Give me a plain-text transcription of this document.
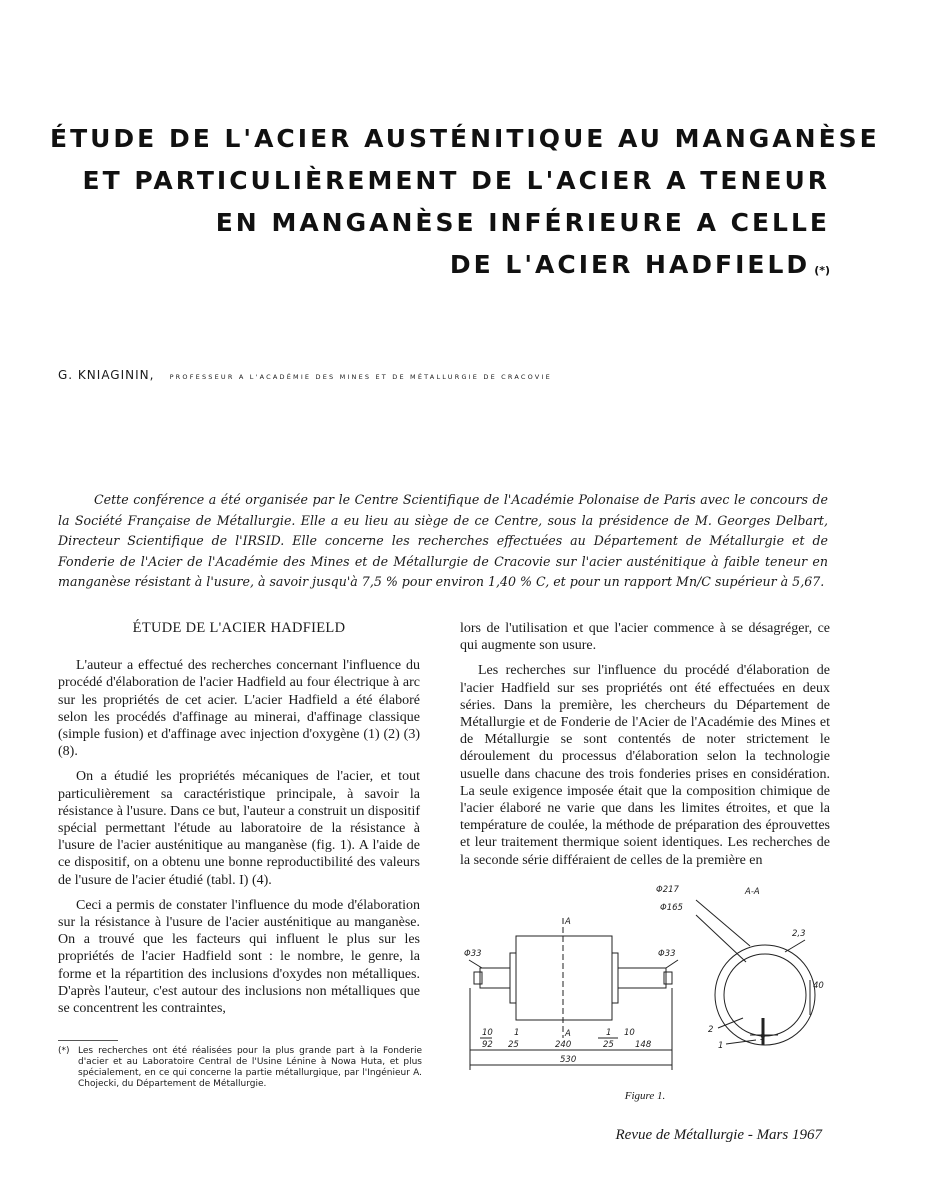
ÉTUDE DE L'ACIER AUSTÉNITIQUE AU MANGANÈSE
ET PARTICULIÈREMENT DE L'ACIER A TENEUR
EN MANGANÈSE INFÉRIEURE A CELLE
DE L'ACIER HADFIELD (*)
G. KNIAGININ, PROFESSEUR A L'ACADÉMIE DES MINES ET DE MÉTALLURGIE DE CRACOVIE

Cette conférence a été organisée par le Centre Scientifique de l'Académie Polonaise de Paris avec le concours de la Société Française de Métallurgie. Elle a eu lieu au siège de ce Centre, sous la présidence de M. Georges Delbart, Directeur Scientifique de l'IRSID. Elle concerne les recherches effectuées au Département de Métallurgie et de Fonderie de l'Acier de l'Académie des Mines et de Métallurgie de Cracovie sur l'acier austénitique à faible teneur en manganèse résistant à l'usure, à savoir jusqu'à 7,5 % pour environ 1,40 % C, et pour un rapport Mn/C supérieur à 5,67.

ÉTUDE DE L'ACIER HADFIELD

L'auteur a effectué des recherches concernant l'influence du procédé d'élaboration de l'acier Hadfield au four électrique à arc sur les propriétés de cet acier. L'acier Hadfield a été élaboré selon les procédés d'affinage au minerai, d'affinage classique (simple fusion) et d'affinage avec injection d'oxygène (1) (2) (3) (8).

On a étudié les propriétés mécaniques de l'acier, et tout particulièrement sa caractéristique principale, à savoir la résistance à l'usure. Dans ce but, l'auteur a construit un dispositif spécial permettant l'étude au laboratoire de la résistance à l'usure de l'acier austénitique au manganèse (fig. 1). A l'aide de ce dispositif, on a obtenu une bonne reproductibilité des valeurs de l'usure de l'acier étudié (tabl. I) (4).

Ceci a permis de constater l'influence du mode d'élaboration sur la résistance à l'usure de l'acier austénitique au manganèse. On a trouvé que les facteurs qui influent le plus sur les propriétés de l'acier Hadfield sont : le nombre, le genre, la forme et la répartition des inclusions d'oxydes non métalliques. D'après l'auteur, c'est autour des inclusions non métalliques que se concentrent les contraintes,

(*) Les recherches ont été réalisées pour la plus grande part à la Fonderie d'acier et au Laboratoire Central de l'Usine Lénine à Nowa Huta, et plus spécialement, en ce qui concerne la partie métallurgique, par l'Ingénieur A. Chojecki, du Département de Métallurgie.

lors de l'utilisation et que l'acier commence à se désagréger, ce qui augmente son usure.

Les recherches sur l'influence du procédé d'élaboration de l'acier Hadfield sur ses propriétés ont été effectuées en deux séries. Dans la première, les chercheurs du Département de Métallurgie et de Fonderie de l'Acier de l'Académie des Mines et de Métallurgie se sont contentés de noter strictement le déroulement du processus d'élaboration selon la technologie usuelle dans chacune des trois fonderies prises en considération. La seule exigence imposée était que la composition chimique de l'acier élaboré ne varie que dans les limites étroites, et que la température de coulée, la méthode de préparation des éprouvettes et leur traitement thermique soient identiques. Les recherches de la seconde série différaient de celles de la première en

A-A
A
A
Φ217
Φ165
Φ33	Φ33
2,3
40
9
2
1
10 1	1 10
92 25	240	25 148
530
Figure 1.
Revue de Métallurgie - Mars 1967
